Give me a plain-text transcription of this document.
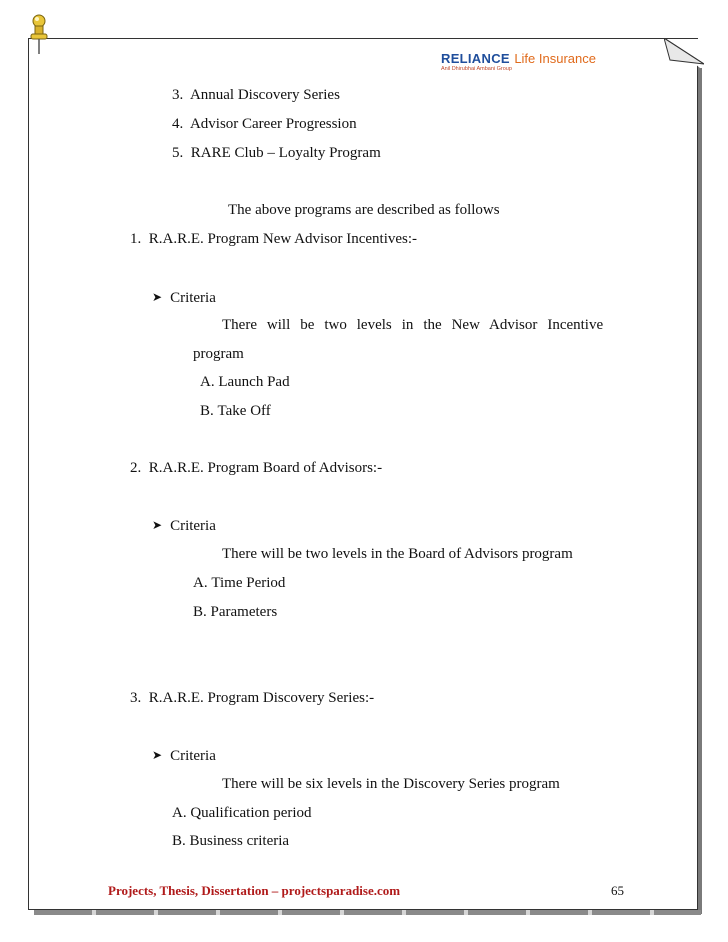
RELIANCE Life Insurance
Anil Dhirubhai Ambani Group
3. Annual Discovery Series
4. Advisor Career Progression
5. RARE Club – Loyalty Program
The above programs are described as follows
1. R.A.R.E. Program New Advisor Incentives:-
➤ Criteria
There will be two levels in the New Advisor Incentive
program
A. Launch Pad
B. Take Off
2. R.A.R.E. Program Board of Advisors:-
➤ Criteria
There will be two levels in the Board of Advisors program
A. Time Period
B. Parameters
3. R.A.R.E. Program Discovery Series:-
➤ Criteria
There will be six levels in the Discovery Series program
A. Qualification period
B. Business criteria
Projects, Thesis, Dissertation – projectsparadise.com	65
